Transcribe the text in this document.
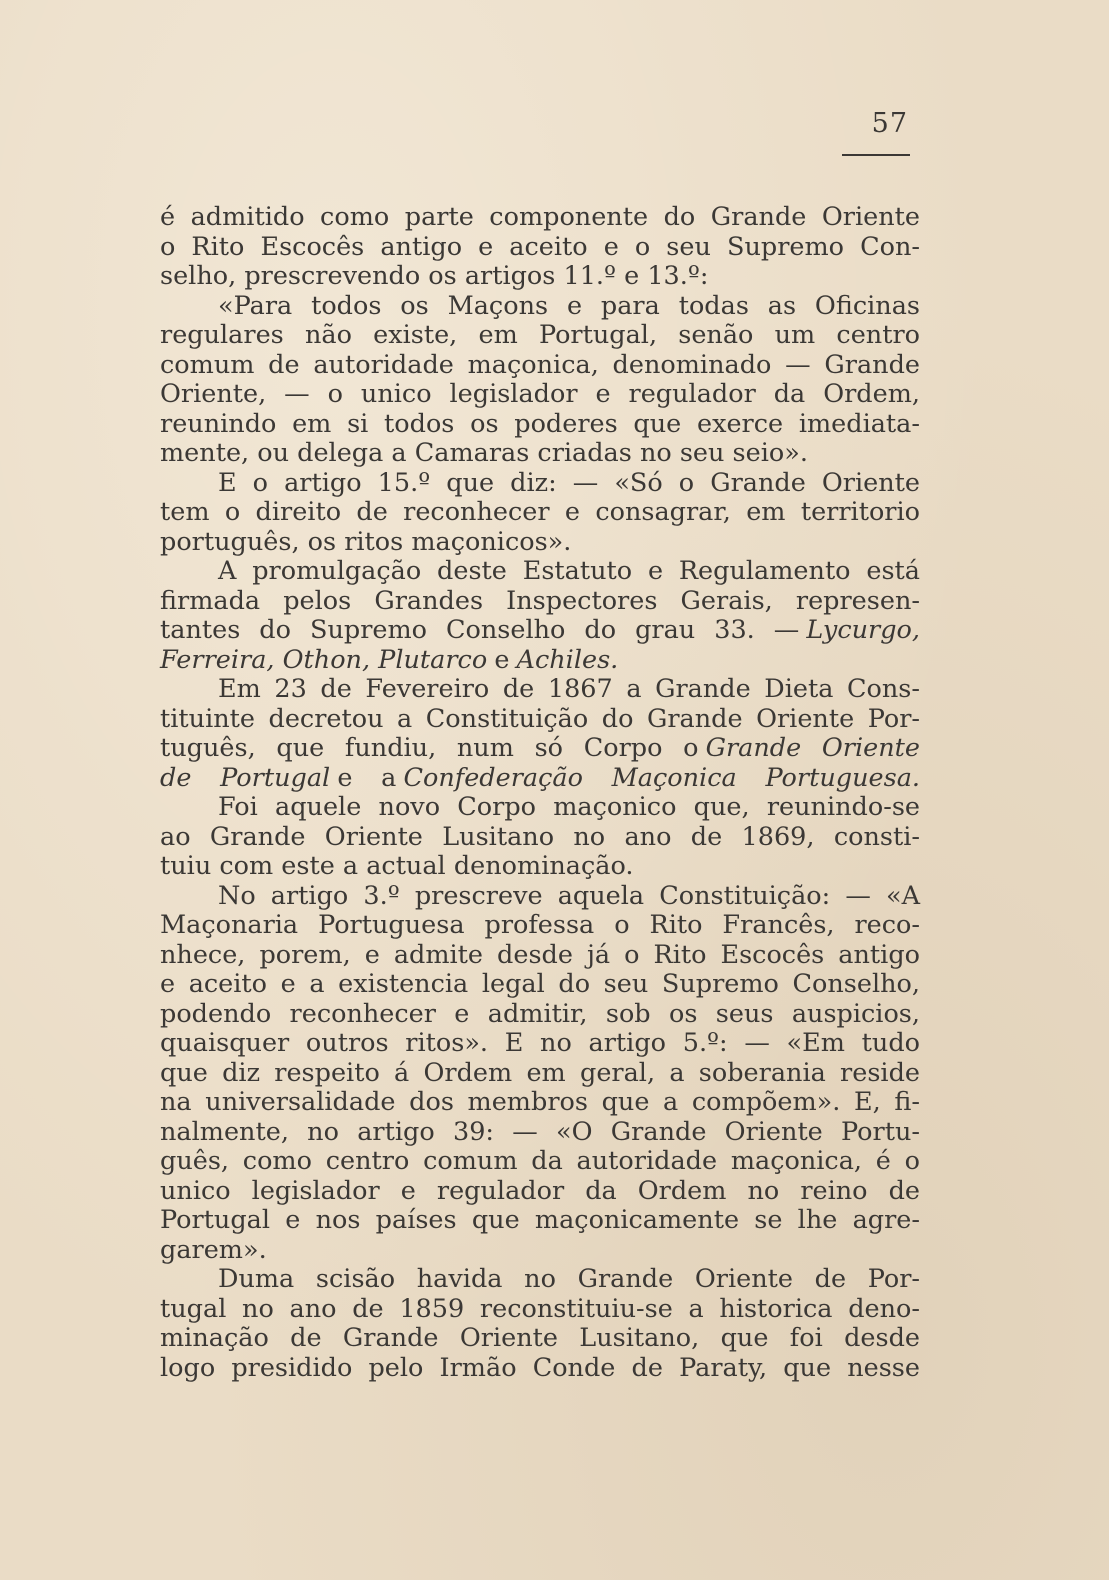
57
é admitido como parte componente do Grande Oriente
o Rito Escocês antigo e aceito e o seu Supremo Con-
selho, prescrevendo os artigos 11.º e 13.º:
«Para todos os Maçons e para todas as Oficinas
regulares não existe, em Portugal, senão um centro
comum de autoridade maçonica, denominado — Grande
Oriente, — o unico legislador e regulador da Ordem,
reunindo em si todos os poderes que exerce imediata-
mente, ou delega a Camaras criadas no seu seio».
E o artigo 15.º que diz: — «Só o Grande Oriente
tem o direito de reconhecer e consagrar, em territorio
português, os ritos maçonicos».
A promulgação deste Estatuto e Regulamento está
firmada pelos Grandes Inspectores Gerais, represen-
tantes do Supremo Conselho do grau 33. — Lycurgo,
Ferreira, Othon, Plutarco e Achiles.
Em 23 de Fevereiro de 1867 a Grande Dieta Cons-
tituinte decretou a Constituição do Grande Oriente Por-
tuguês, que fundiu, num só Corpo o Grande Oriente
de Portugal e a Confederação Maçonica Portuguesa.
Foi aquele novo Corpo maçonico que, reunindo-se
ao Grande Oriente Lusitano no ano de 1869, consti-
tuiu com este a actual denominação.
No artigo 3.º prescreve aquela Constituição: — «A
Maçonaria Portuguesa professa o Rito Francês, reco-
nhece, porem, e admite desde já o Rito Escocês antigo
e aceito e a existencia legal do seu Supremo Conselho,
podendo reconhecer e admitir, sob os seus auspicios,
quaisquer outros ritos». E no artigo 5.º: — «Em tudo
que diz respeito á Ordem em geral, a soberania reside
na universalidade dos membros que a compõem». E, fi-
nalmente, no artigo 39: — «O Grande Oriente Portu-
guês, como centro comum da autoridade maçonica, é o
unico legislador e regulador da Ordem no reino de
Portugal e nos países que maçonicamente se lhe agre-
garem».
Duma scisão havida no Grande Oriente de Por-
tugal no ano de 1859 reconstituiu-se a historica deno-
minação de Grande Oriente Lusitano, que foi desde
logo presidido pelo Irmão Conde de Paraty, que nesse
